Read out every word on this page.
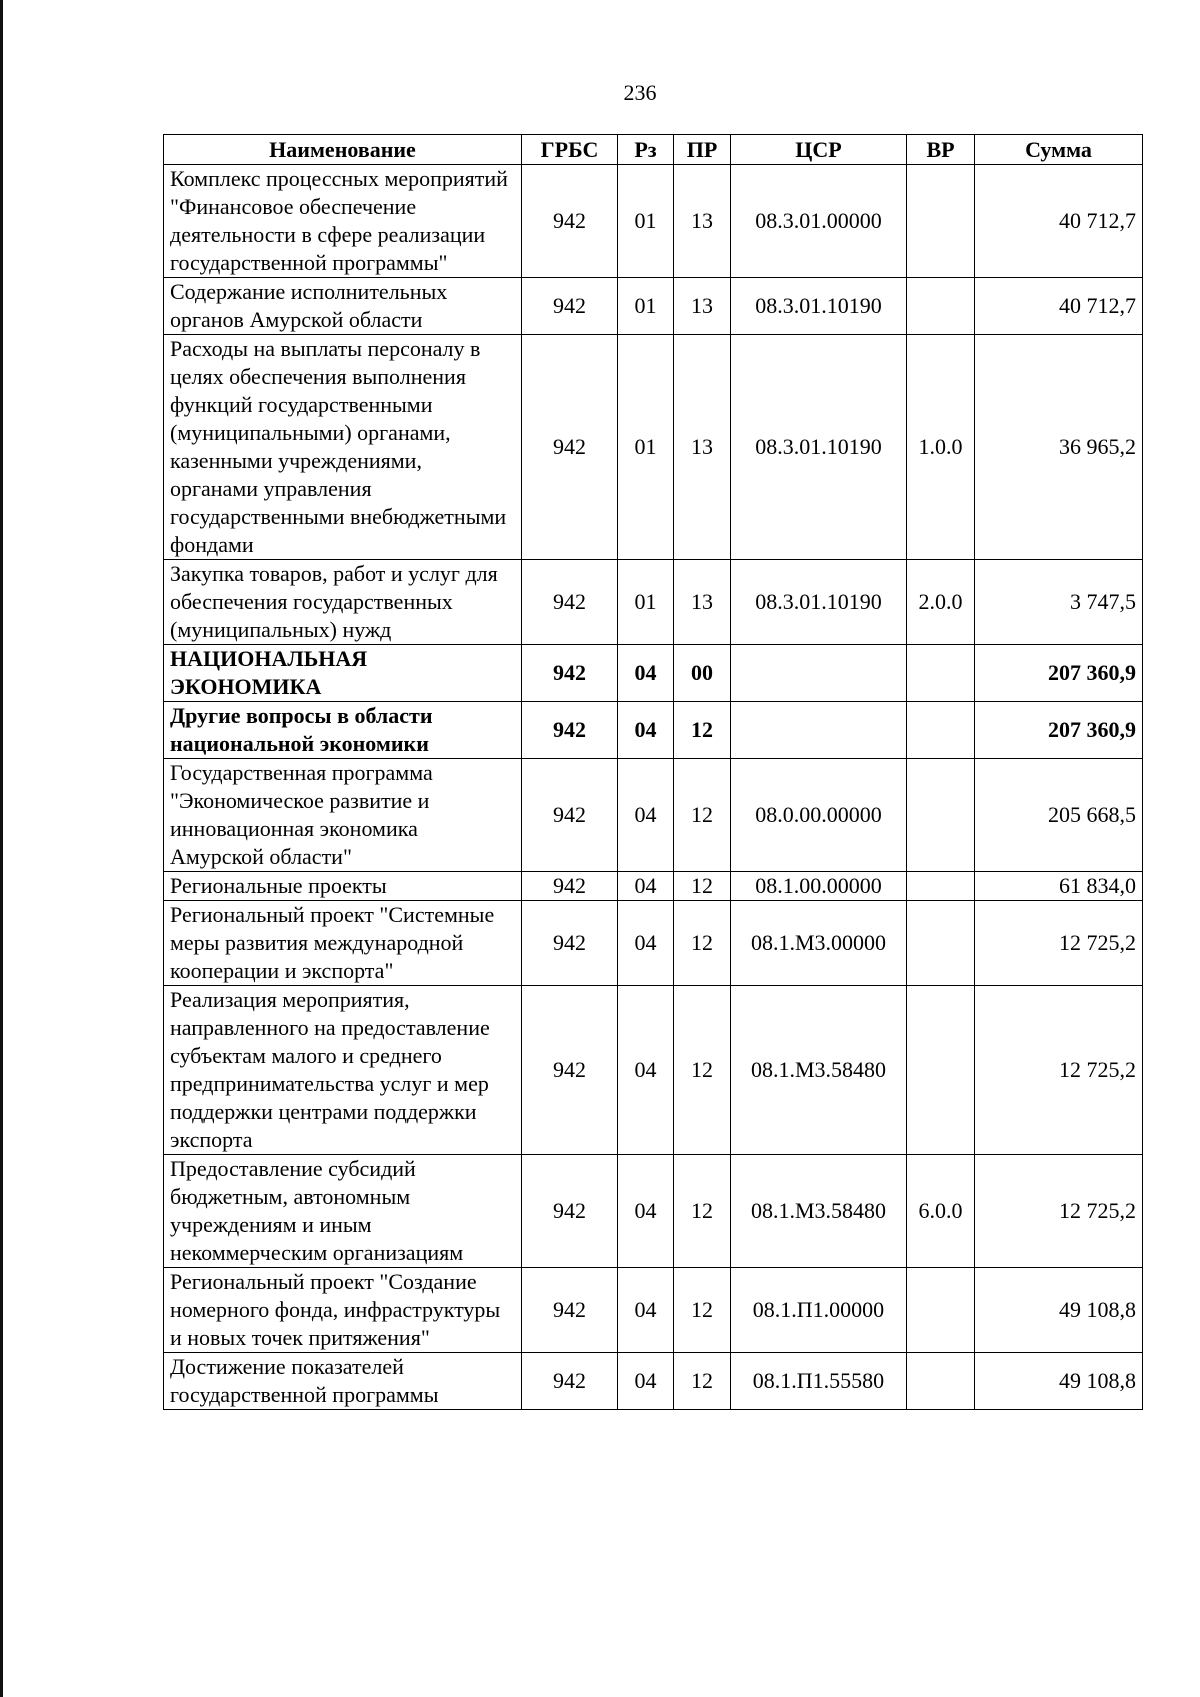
236
Наименование	ГРБС	Рз	ПР	ЦСР	ВР	Сумма
Комплекс процессных мероприятий "Финансовое обеспечение деятельности в сфере реализации государственной программы"	942	01	13	08.3.01.00000		40 712,7
Содержание исполнительных органов Амурской области	942	01	13	08.3.01.10190		40 712,7
Расходы на выплаты персоналу в целях обеспечения выполнения функций государственными (муниципальными) органами, казенными учреждениями, органами управления государственными внебюджетными фондами	942	01	13	08.3.01.10190	1.0.0	36 965,2
Закупка товаров, работ и услуг для обеспечения государственных (муниципальных) нужд	942	01	13	08.3.01.10190	2.0.0	3 747,5
НАЦИОНАЛЬНАЯ ЭКОНОМИКА	942	04	00			207 360,9
Другие вопросы в области национальной экономики	942	04	12			207 360,9
Государственная программа "Экономическое развитие и инновационная экономика Амурской области"	942	04	12	08.0.00.00000		205 668,5
Региональные проекты	942	04	12	08.1.00.00000		61 834,0
Региональный проект "Системные меры развития международной кооперации и экспорта"	942	04	12	08.1.М3.00000		12 725,2
Реализация мероприятия, направленного на предоставление субъектам малого и среднего предпринимательства услуг и мер поддержки центрами поддержки экспорта	942	04	12	08.1.М3.58480		12 725,2
Предоставление субсидий бюджетным, автономным учреждениям и иным некоммерческим организациям	942	04	12	08.1.М3.58480	6.0.0	12 725,2
Региональный проект "Создание номерного фонда, инфраструктуры и новых точек притяжения"	942	04	12	08.1.П1.00000		49 108,8
Достижение показателей государственной программы	942	04	12	08.1.П1.55580		49 108,8
